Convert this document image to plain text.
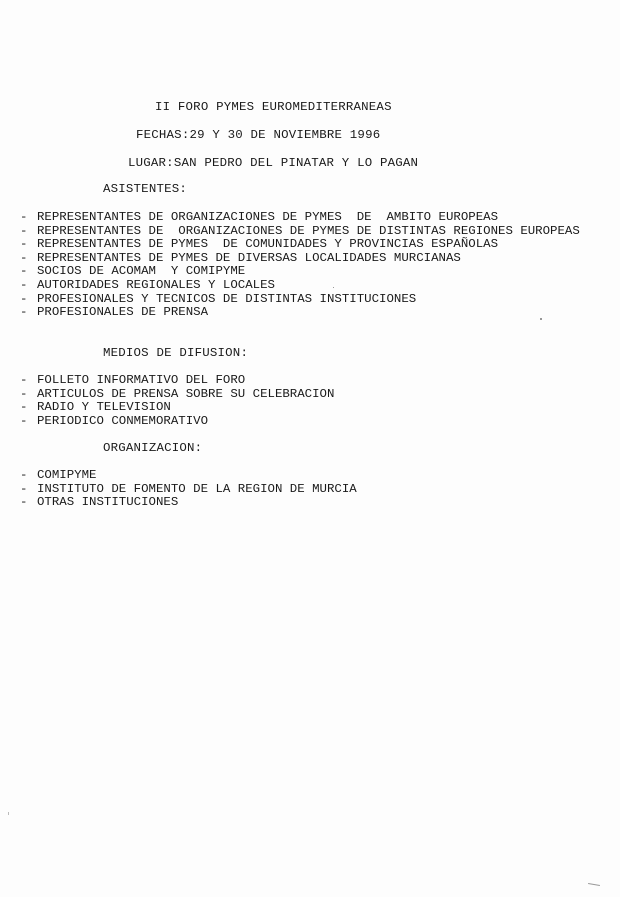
II FORO PYMES EUROMEDITERRANEAS
FECHAS:29 Y 30 DE NOVIEMBRE 1996
LUGAR:SAN PEDRO DEL PINATAR Y LO PAGAN
ASISTENTES:
- REPRESENTANTES DE ORGANIZACIONES DE PYMES  DE  AMBITO EUROPEAS
- REPRESENTANTES DE  ORGANIZACIONES DE PYMES DE DISTINTAS REGIONES EUROPEAS
- REPRESENTANTES DE PYMES  DE COMUNIDADES Y PROVINCIAS ESPAÑOLAS
- REPRESENTANTES DE PYMES DE DIVERSAS LOCALIDADES MURCIANAS
- SOCIOS DE ACOMAM  Y COMIPYME
- AUTORIDADES REGIONALES Y LOCALES
- PROFESIONALES Y TECNICOS DE DISTINTAS INSTITUCIONES
- PROFESIONALES DE PRENSA
MEDIOS DE DIFUSION:
- FOLLETO INFORMATIVO DEL FORO
- ARTICULOS DE PRENSA SOBRE SU CELEBRACION
- RADIO Y TELEVISION
- PERIODICO CONMEMORATIVO
ORGANIZACION:
- COMIPYME
- INSTITUTO DE FOMENTO DE LA REGION DE MURCIA
- OTRAS INSTITUCIONES
